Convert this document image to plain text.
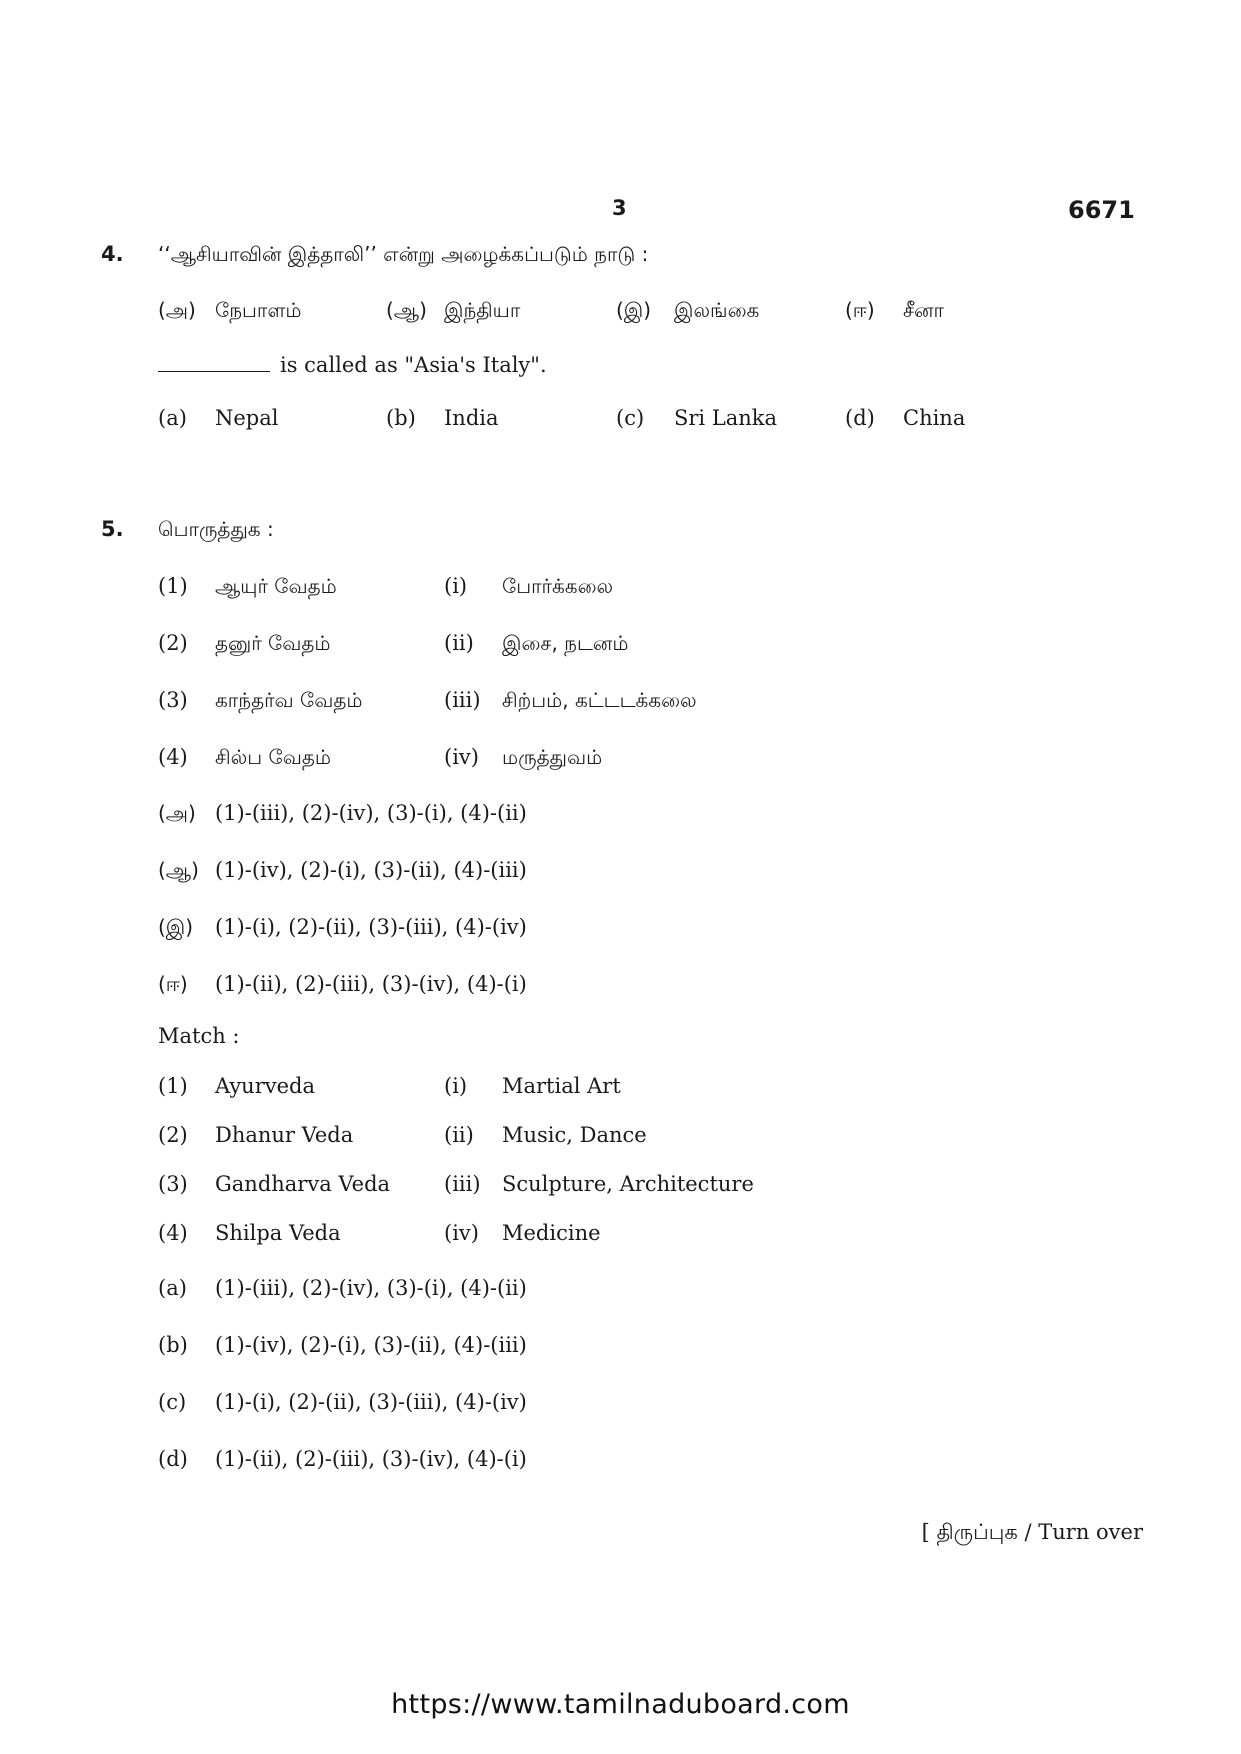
3	6671
4. ‘‘ஆசியாவின் இத்தாலி’’ என்று அழைக்கப்படும் நாடு :
(அ) நேபாளம்	(ஆ) இந்தியா	(இ) இலங்கை	(ஈ) சீனா
is called as "Asia's Italy".
(a) Nepal	(b) India	(c) Sri Lanka	(d) China
5. பொருத்துக :
(1) ஆயுர் வேதம்	(i) போர்க்கலை
(2) தனுர் வேதம்	(ii) இசை, நடனம்
(3) காந்தர்வ வேதம்	(iii) சிற்பம், கட்டடக்கலை
(4) சில்ப வேதம்	(iv) மருத்துவம்
(அ) (1)-(iii), (2)-(iv), (3)-(i), (4)-(ii)
(ஆ) (1)-(iv), (2)-(i), (3)-(ii), (4)-(iii)
(இ) (1)-(i), (2)-(ii), (3)-(iii), (4)-(iv)
(ஈ) (1)-(ii), (2)-(iii), (3)-(iv), (4)-(i)
Match :
(1) Ayurveda	(i) Martial Art
(2) Dhanur Veda	(ii) Music, Dance
(3) Gandharva Veda	(iii) Sculpture, Architecture
(4) Shilpa Veda	(iv) Medicine
(a) (1)-(iii), (2)-(iv), (3)-(i), (4)-(ii)
(b) (1)-(iv), (2)-(i), (3)-(ii), (4)-(iii)
(c) (1)-(i), (2)-(ii), (3)-(iii), (4)-(iv)
(d) (1)-(ii), (2)-(iii), (3)-(iv), (4)-(i)
[ திருப்புக / Turn over
https://www.tamilnaduboard.com
